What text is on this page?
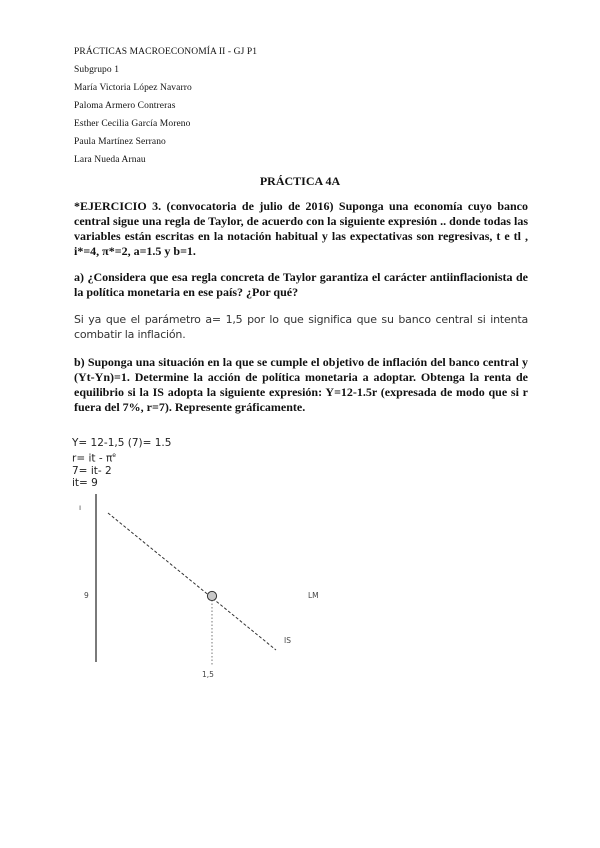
PRÁCTICAS MACROECONOMÍA II - GJ P1
Subgrupo 1
María Victoria López Navarro
Paloma Armero Contreras
Esther Cecilia García Moreno
Paula Martínez Serrano
Lara Nueda Arnau
PRÁCTICA 4A
*EJERCICIO 3. (convocatoria de julio de 2016) Suponga una economía cuyo banco central sigue una regla de Taylor, de acuerdo con la siguiente expresión .. donde todas las variables están escritas en la notación habitual y las expectativas son regresivas, t e tl , i*=4, π*=2, a=1.5 y b=1.
a) ¿Considera que esa regla concreta de Taylor garantiza el carácter antiinflacionista de la política monetaria en ese país? ¿Por qué?
Si ya que el parámetro a= 1,5 por lo que significa que su banco central si intenta combatir la inflación.
b) Suponga una situación en la que se cumple el objetivo de inflación del banco central y (Yt-Yn)=1. Determine la acción de política monetaria a adoptar. Obtenga la renta de equilibrio si la IS adopta la siguiente expresión: Y=12-1.5r (expresada de modo que si r fuera del 7%, r=7). Represente gráficamente.
Y= 12-1,5 (7)= 1.5
r= it - $\pi^e$
7= it- 2
it= 9
ı
9	LM
IS
1,5
